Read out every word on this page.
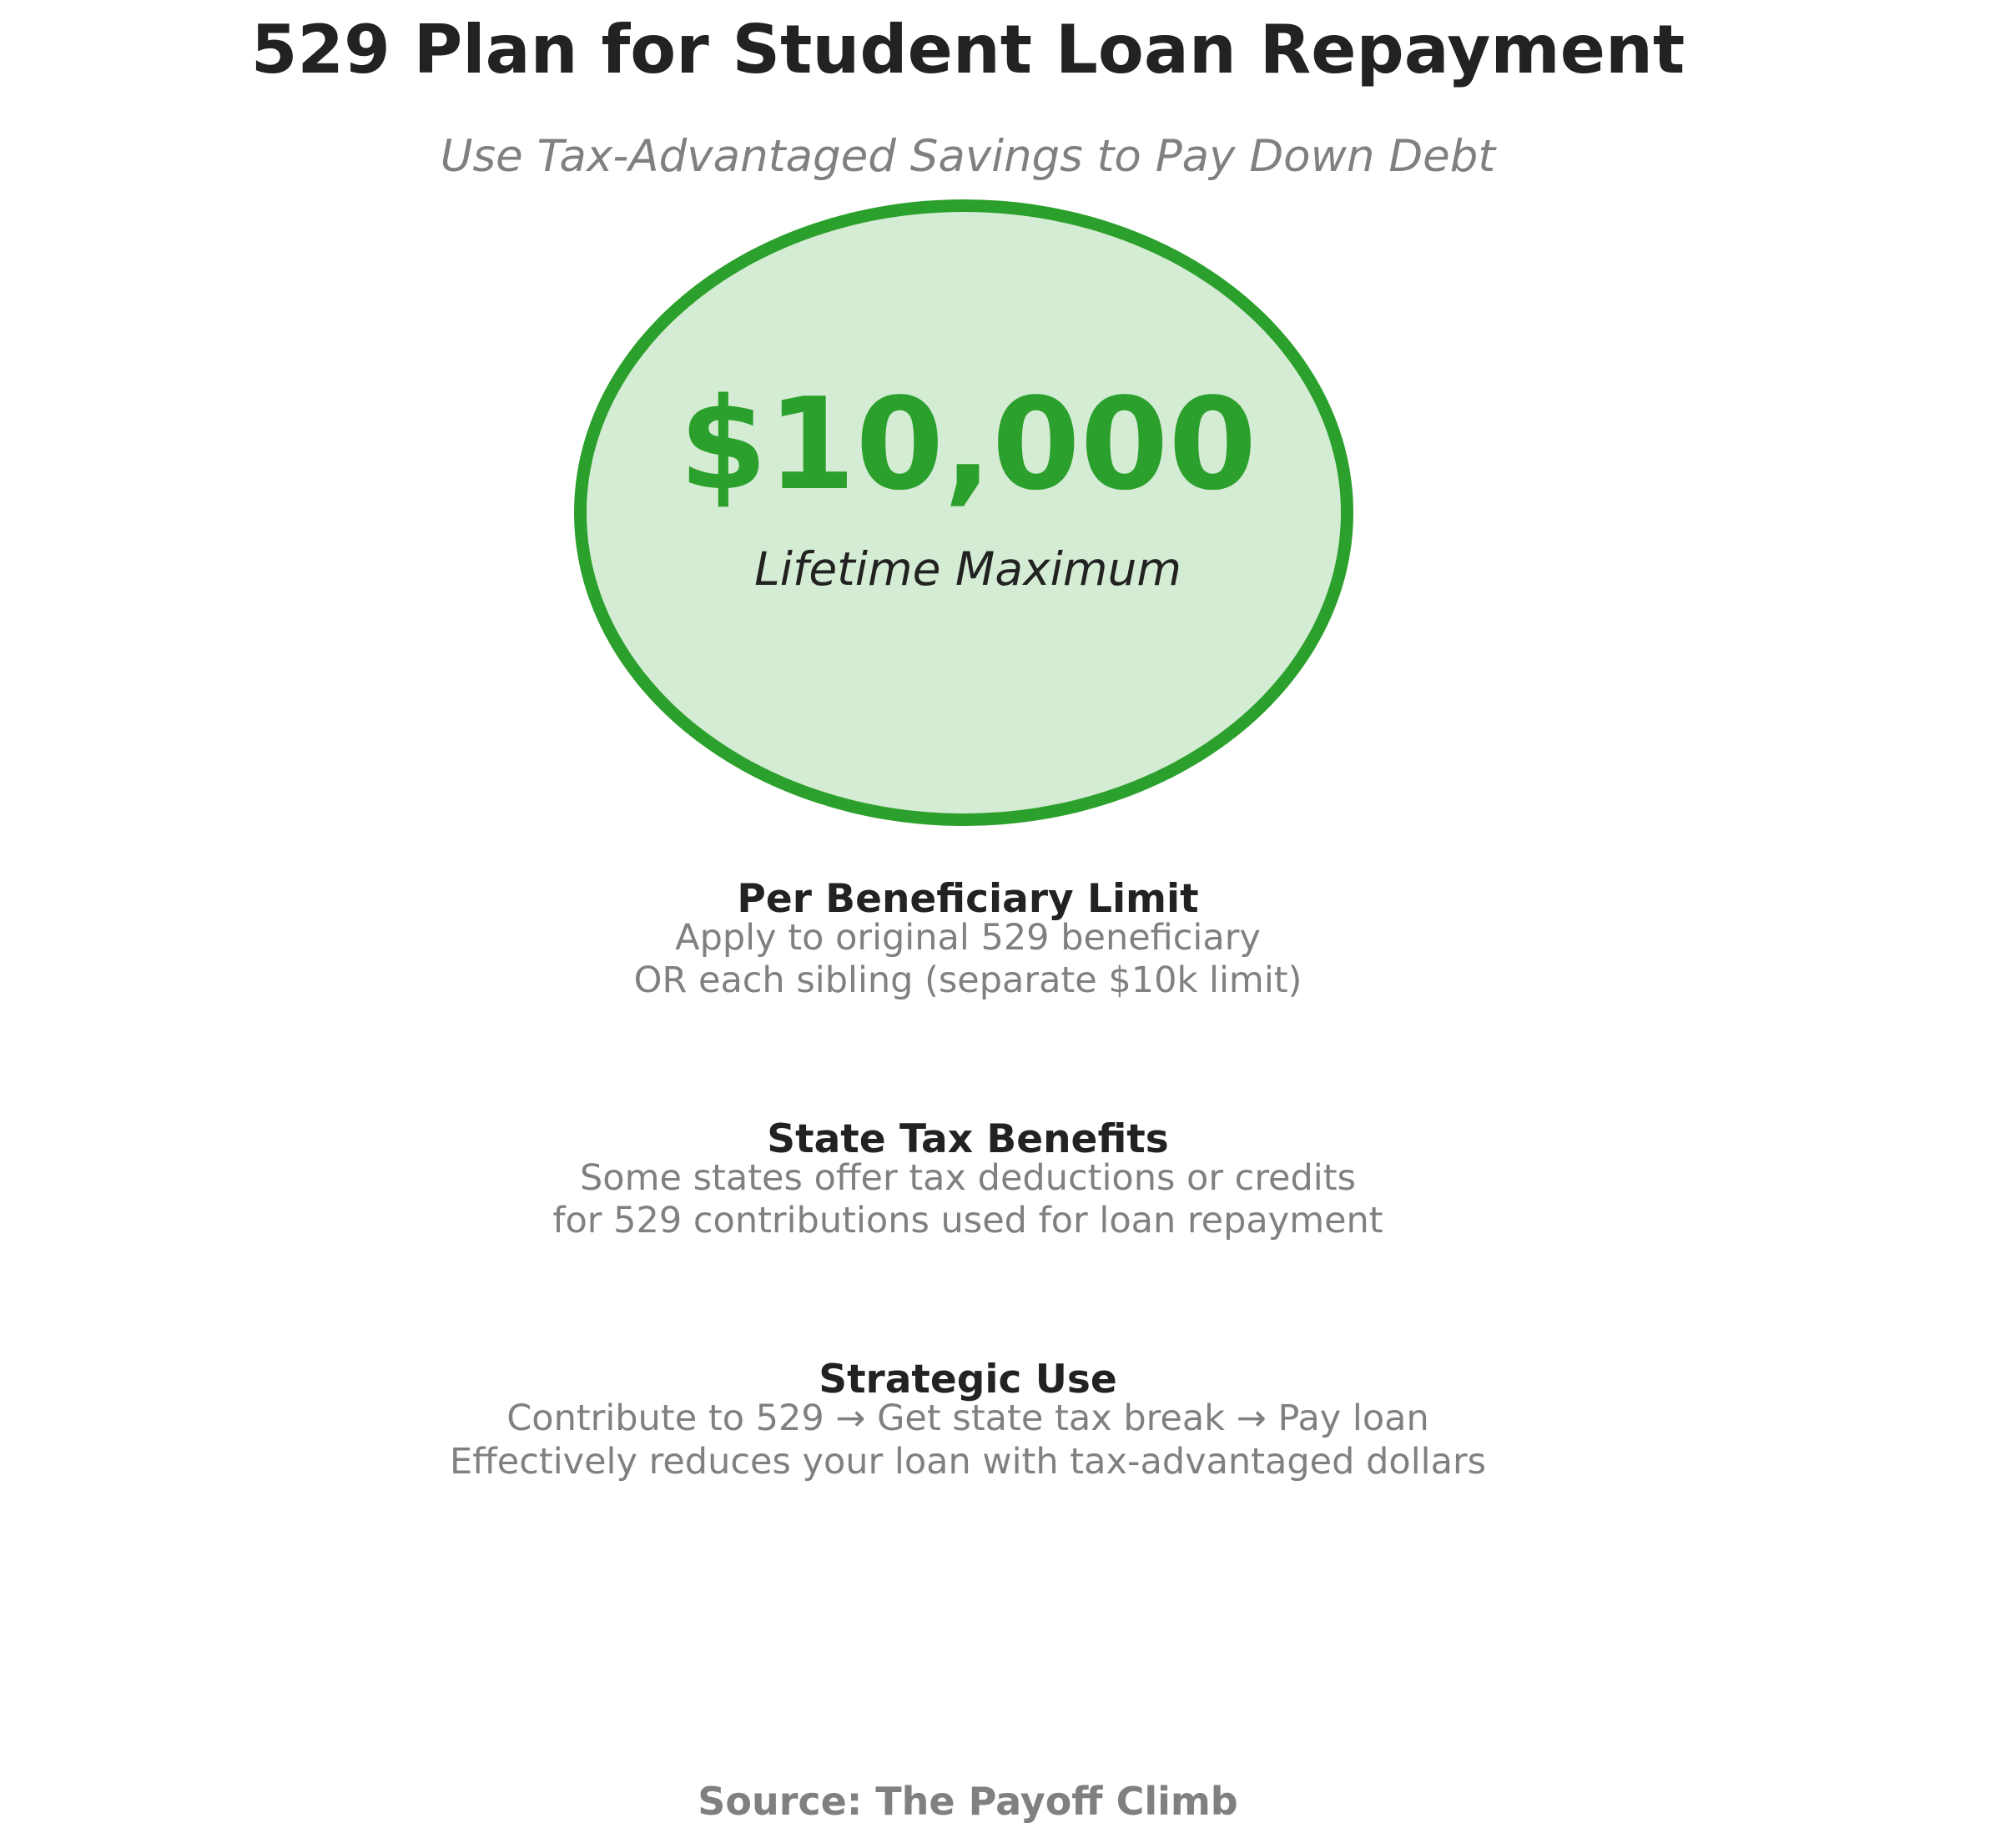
529 Plan for Student Loan Repayment
Use Tax-Advantaged Savings to Pay Down Debt
$10,000
Lifetime Maximum
Per Beneficiary Limit
Apply to original 529 beneficiary
OR each sibling (separate $10k limit)
State Tax Benefits
Some states offer tax deductions or credits
for 529 contributions used for loan repayment
Strategic Use
Contribute to 529 → Get state tax break → Pay loan
Effectively reduces your loan with tax-advantaged dollars
Source: The Payoff Climb
